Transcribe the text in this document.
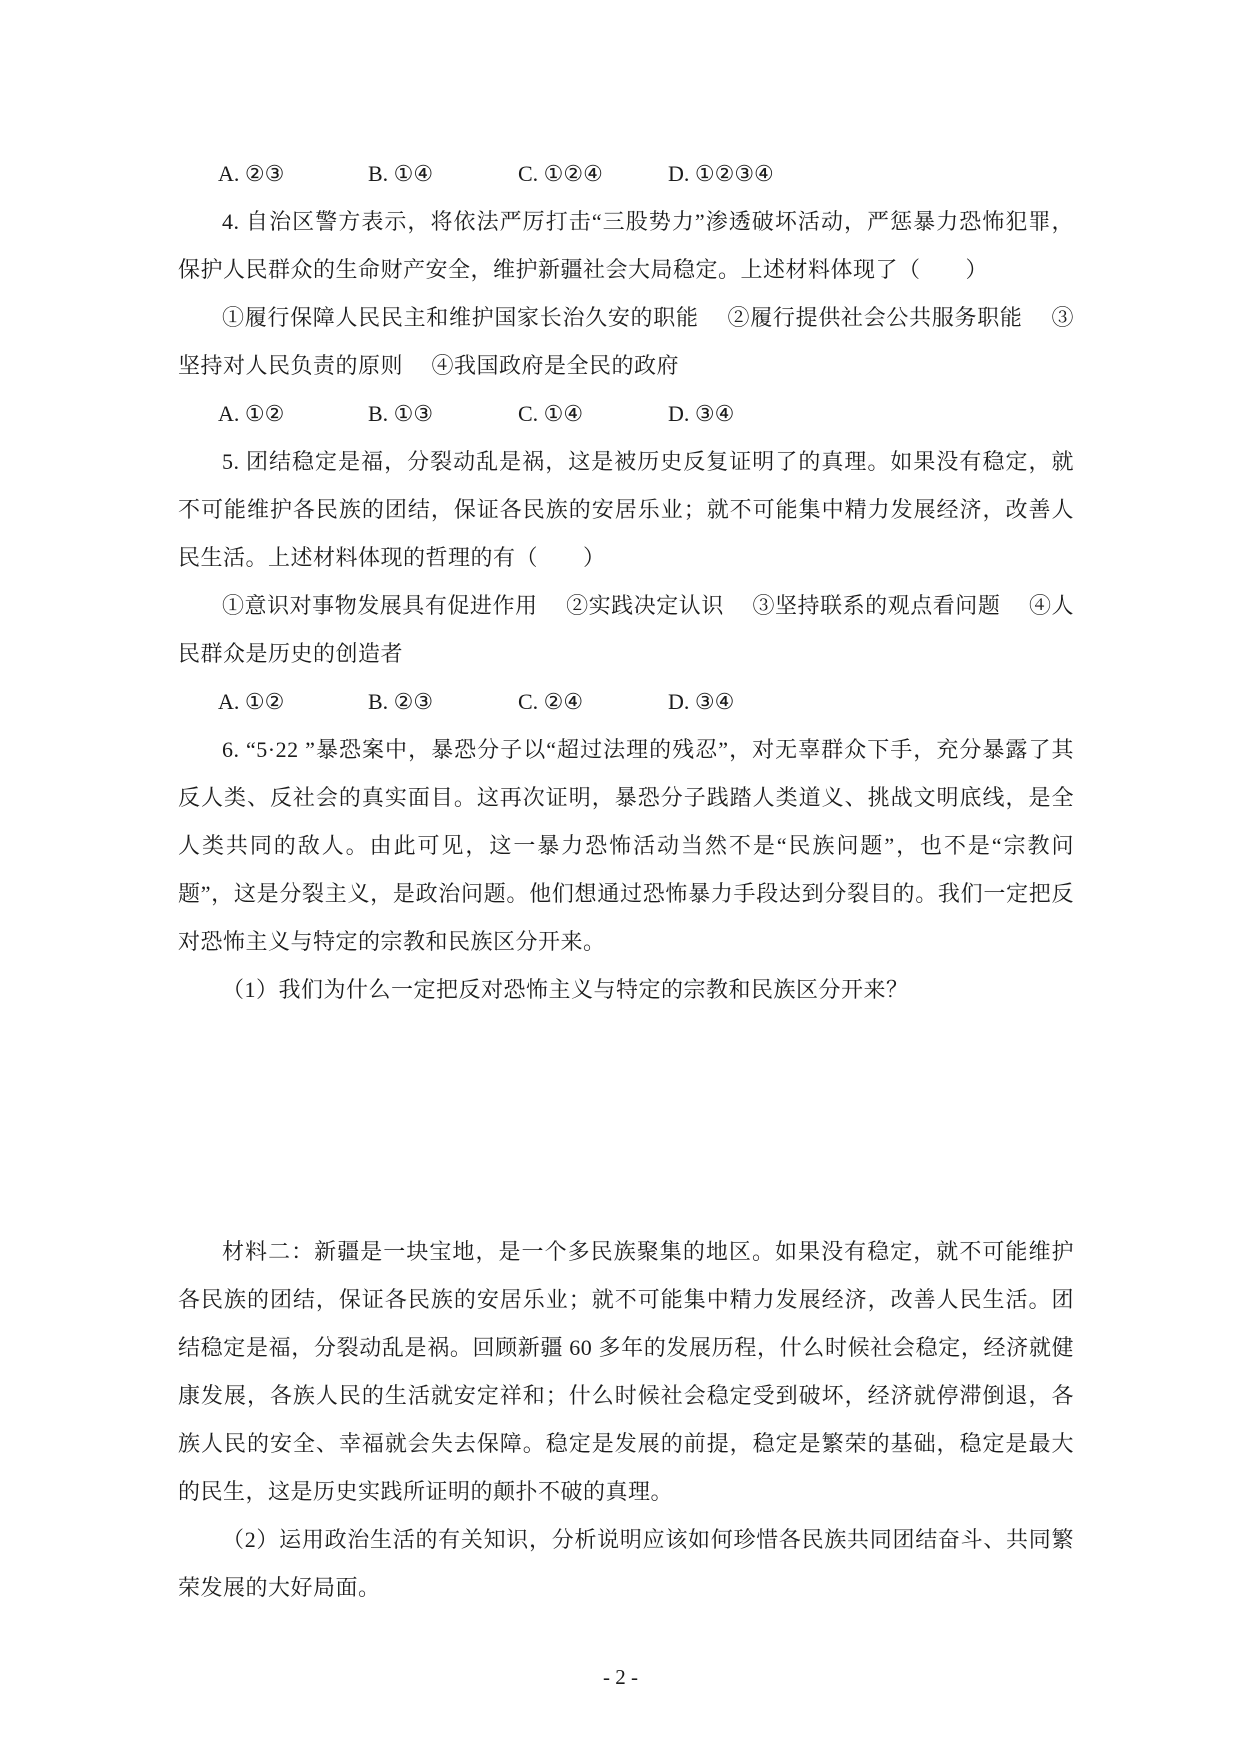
A. ②③	B. ①④	C. ①②④	D. ①②③④

4. 自治区警方表示，将依法严厉打击“三股势力”渗透破坏活动，严惩暴力恐怖犯罪，保护人民群众的生命财产安全，维护新疆社会大局稳定。上述材料体现了（　　）

①履行保障人民民主和维护国家长治久安的职能　 ②履行提供社会公共服务职能　 ③坚持对人民负责的原则　 ④我国政府是全民的政府

A. ①②	B. ①③	C. ①④	D. ③④

5. 团结稳定是福，分裂动乱是祸，这是被历史反复证明了的真理。如果没有稳定，就不可能维护各民族的团结，保证各民族的安居乐业；就不可能集中精力发展经济，改善人民生活。上述材料体现的哲理的有（　　）

①意识对事物发展具有促进作用　 ②实践决定认识　 ③坚持联系的观点看问题　 ④人民群众是历史的创造者

A. ①②	B. ②③	C. ②④	D. ③④

6. “5·22 ”暴恐案中，暴恐分子以“超过法理的残忍”，对无辜群众下手，充分暴露了其反人类、反社会的真实面目。这再次证明，暴恐分子践踏人类道义、挑战文明底线，是全人类共同的敌人。由此可见，这一暴力恐怖活动当然不是“民族问题”，也不是“宗教问题”，这是分裂主义，是政治问题。他们想通过恐怖暴力手段达到分裂目的。我们一定把反对恐怖主义与特定的宗教和民族区分开来。

（1）我们为什么一定把反对恐怖主义与特定的宗教和民族区分开来？

材料二：新疆是一块宝地，是一个多民族聚集的地区。如果没有稳定，就不可能维护各民族的团结，保证各民族的安居乐业；就不可能集中精力发展经济，改善人民生活。团结稳定是福，分裂动乱是祸。回顾新疆 60 多年的发展历程，什么时候社会稳定，经济就健康发展，各族人民的生活就安定祥和；什么时候社会稳定受到破坏，经济就停滞倒退，各族人民的安全、幸福就会失去保障。稳定是发展的前提，稳定是繁荣的基础，稳定是最大的民生，这是历史实践所证明的颠扑不破的真理。

（2）运用政治生活的有关知识，分析说明应该如何珍惜各民族共同团结奋斗、共同繁荣发展的大好局面。

- 2 -
